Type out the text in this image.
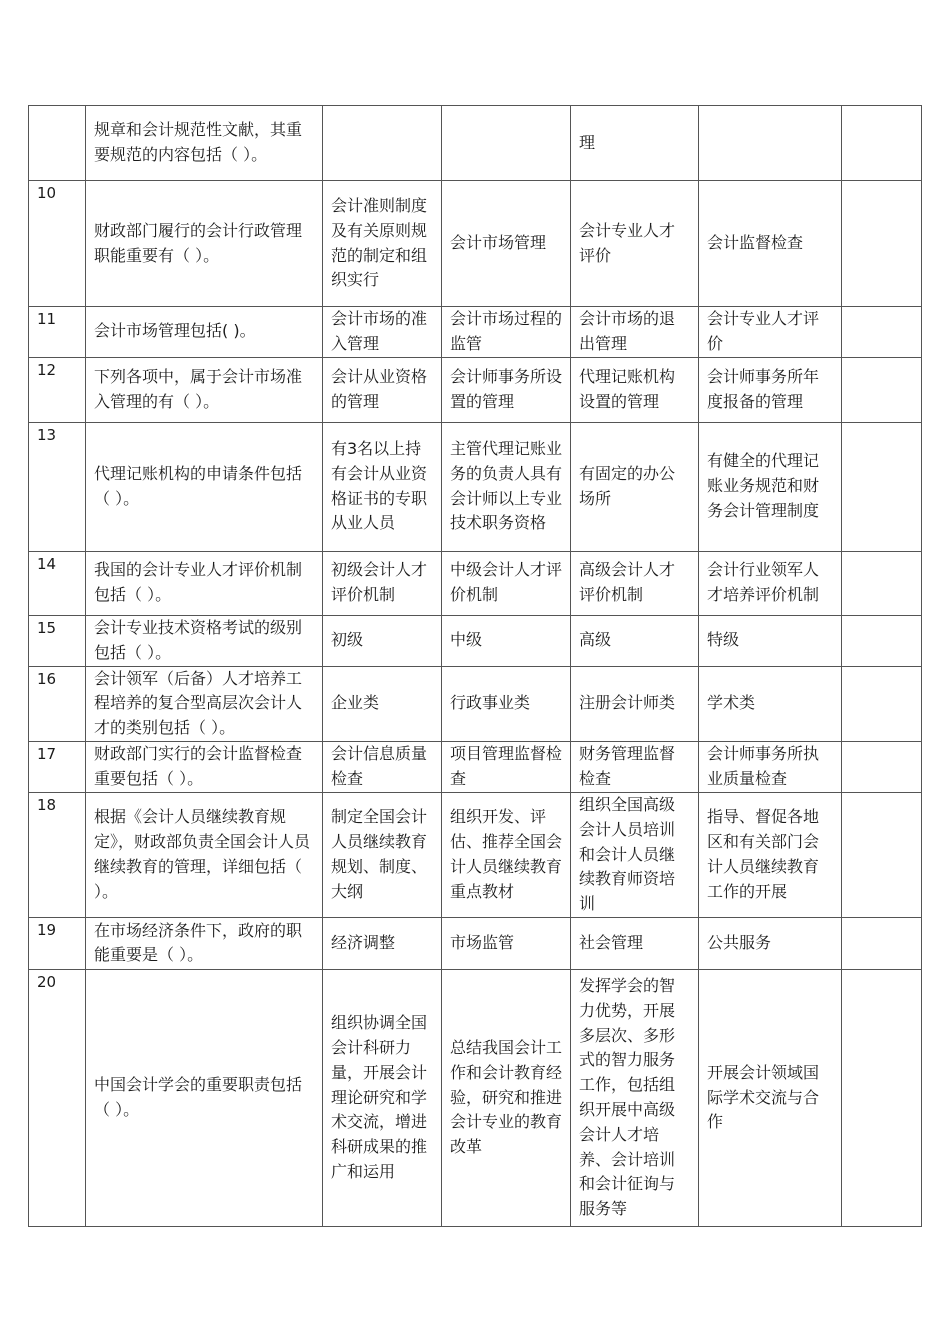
	规章和会计规范性文献，其重要规范的内容包括（ ）。			理		
10	财政部门履行的会计行政管理职能重要有（ ）。	会计准则制度及有关原则规范的制定和组织实行	会计市场管理	会计专业人才评价	会计监督检查	
11	会计市场管理包括( )。	会计市场的准入管理	会计市场过程的监管	会计市场的退出管理	会计专业人才评价	
12	下列各项中，属于会计市场准入管理的有（ ）。	会计从业资格的管理	会计师事务所设置的管理	代理记账机构设置的管理	会计师事务所年度报备的管理	
13	代理记账机构的申请条件包括（ ）。	有3名以上持有会计从业资格证书的专职从业人员	主管代理记账业务的负责人具有会计师以上专业技术职务资格	有固定的办公场所	有健全的代理记账业务规范和财务会计管理制度	
14	我国的会计专业人才评价机制包括（ ）。	初级会计人才评价机制	中级会计人才评价机制	高级会计人才评价机制	会计行业领军人才培养评价机制	
15	会计专业技术资格考试的级别包括（ ）。	初级	中级	高级	特级	
16	会计领军（后备）人才培养工程培养的复合型高层次会计人才的类别包括（ ）。	企业类	行政事业类	注册会计师类	学术类	
17	财政部门实行的会计监督检查重要包括（ ）。	会计信息质量检查	项目管理监督检查	财务管理监督检查	会计师事务所执业质量检查	
18	根据《会计人员继续教育规定》，财政部负责全国会计人员继续教育的管理，详细包括（ ）。	制定全国会计人员继续教育规划、制度、大纲	组织开发、评估、推荐全国会计人员继续教育重点教材	组织全国高级会计人员培训和会计人员继续教育师资培训	指导、督促各地区和有关部门会计人员继续教育工作的开展	
19	在市场经济条件下，政府的职能重要是（ ）。	经济调整	市场监管	社会管理	公共服务	
20	中国会计学会的重要职责包括（ ）。	组织协调全国会计科研力量，开展会计理论研究和学术交流，增进科研成果的推广和运用	总结我国会计工作和会计教育经验，研究和推进会计专业的教育改革	发挥学会的智力优势，开展多层次、多形式的智力服务工作，包括组织开展中高级会计人才培养、会计培训和会计征询与服务等	开展会计领域国际学术交流与合作	
